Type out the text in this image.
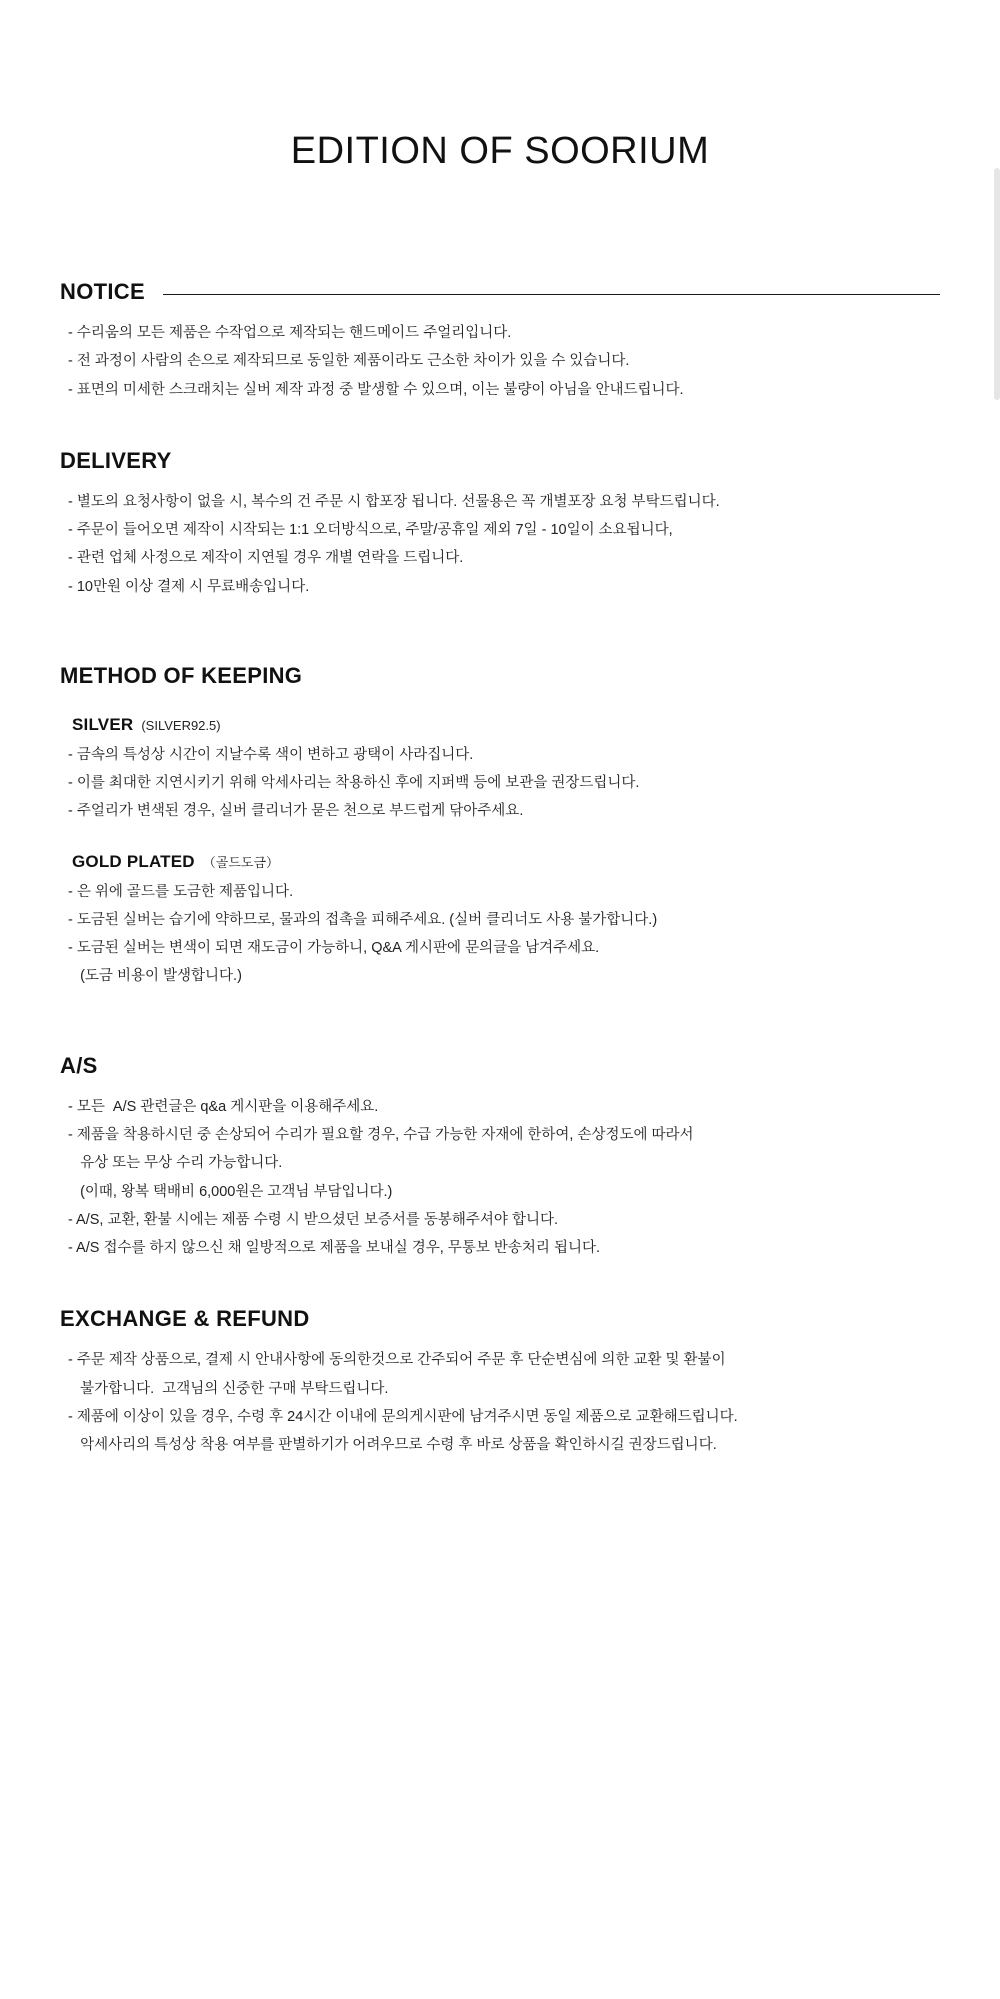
EDITION OF SOORIUM
NOTICE
- 수리움의 모든 제품은 수작업으로 제작되는 핸드메이드 주얼리입니다.
- 전 과정이 사람의 손으로 제작되므로 동일한 제품이라도 근소한 차이가 있을 수 있습니다.
- 표면의 미세한 스크래치는 실버 제작 과정 중 발생할 수 있으며, 이는 불량이 아님을 안내드립니다.
DELIVERY
- 별도의 요청사항이 없을 시, 복수의 건 주문 시 합포장 됩니다. 선물용은 꼭 개별포장 요청 부탁드립니다.
- 주문이 들어오면 제작이 시작되는 1:1 오더방식으로, 주말/공휴일 제외 7일 - 10일이 소요됩니다,
- 관련 업체 사정으로 제작이 지연될 경우 개별 연락을 드립니다.
- 10만원 이상 결제 시 무료배송입니다.
METHOD OF KEEPING
SILVER (SILVER92.5)
- 금속의 특성상 시간이 지날수록 색이 변하고 광택이 사라집니다.
- 이를 최대한 지연시키기 위해 악세사리는 착용하신 후에 지퍼백 등에 보관을 권장드립니다.
- 주얼리가 변색된 경우, 실버 클리너가 묻은 천으로 부드럽게 닦아주세요.
GOLD PLATED （골드도금）
- 은 위에 골드를 도금한 제품입니다.
- 도금된 실버는 습기에 약하므로, 물과의 접촉을 피해주세요. (실버 클리너도 사용 불가합니다.)
- 도금된 실버는 변색이 되면 재도금이 가능하니, Q&A 게시판에 문의글을 남겨주세요.
(도금 비용이 발생합니다.)
A/S
- 모든  A/S 관련글은 q&a 게시판을 이용해주세요.
- 제품을 착용하시던 중 손상되어 수리가 필요할 경우, 수급 가능한 자재에 한하여, 손상정도에 따라서
유상 또는 무상 수리 가능합니다.
(이때, 왕복 택배비 6,000원은 고객님 부담입니다.)
- A/S, 교환, 환불 시에는 제품 수령 시 받으셨던 보증서를 동봉해주셔야 합니다.
- A/S 접수를 하지 않으신 채 일방적으로 제품을 보내실 경우, 무통보 반송처리 됩니다.
EXCHANGE & REFUND
- 주문 제작 상품으로, 결제 시 안내사항에 동의한것으로 간주되어 주문 후 단순변심에 의한 교환 및 환불이
불가합니다.  고객님의 신중한 구매 부탁드립니다.
- 제품에 이상이 있을 경우, 수령 후 24시간 이내에 문의게시판에 남겨주시면 동일 제품으로 교환해드립니다.
악세사리의 특성상 착용 여부를 판별하기가 어려우므로 수령 후 바로 상품을 확인하시길 권장드립니다.
